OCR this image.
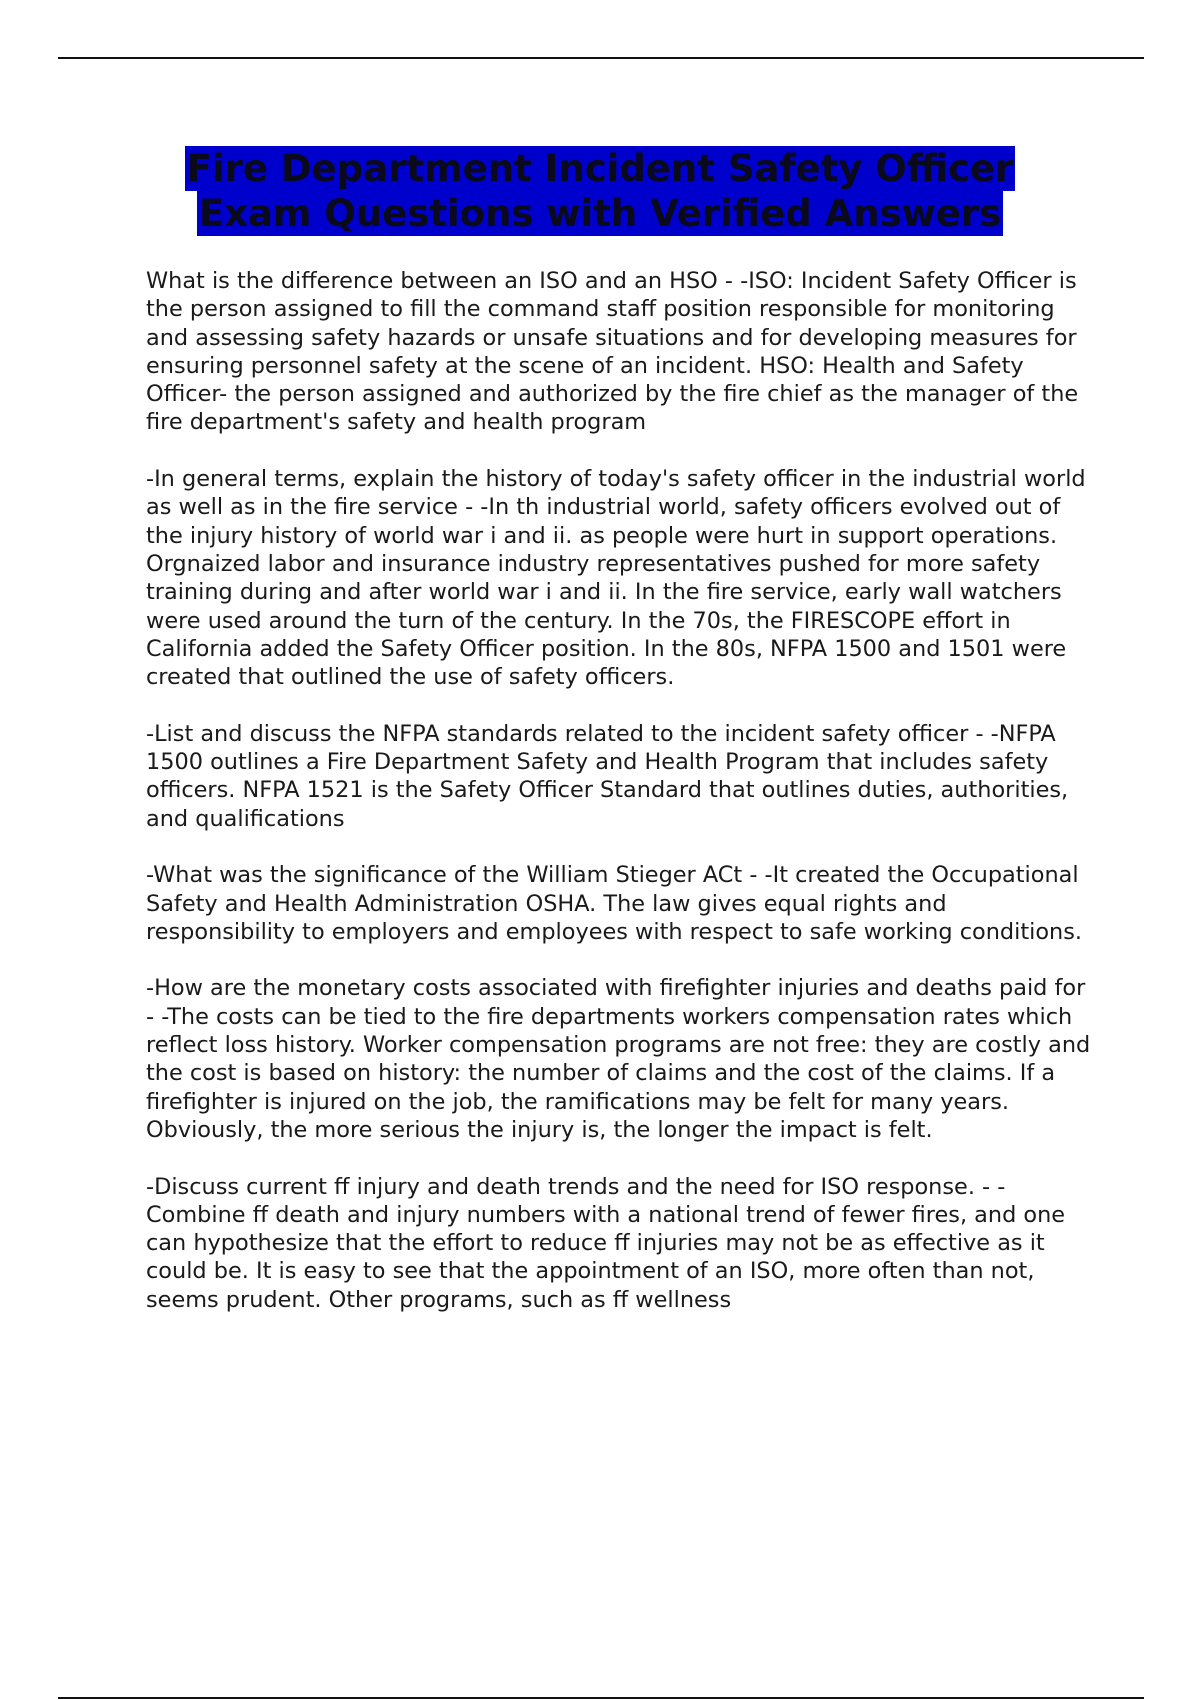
Fire Department Incident Safety Officer
Exam Questions with Verified Answers

What is the difference between an ISO and an HSO - -ISO: Incident Safety Officer is the person assigned to fill the command staff position responsible for monitoring and assessing safety hazards or unsafe situations and for developing measures for ensuring personnel safety at the scene of an incident. HSO: Health and Safety Officer- the person assigned and authorized by the fire chief as the manager of the fire department's safety and health program

-In general terms, explain the history of today's safety officer in the industrial world as well as in the fire service - -In th industrial world, safety officers evolved out of the injury history of world war i and ii. as people were hurt in support operations. Orgnaized labor and insurance industry representatives pushed for more safety training during and after world war i and ii. In the fire service, early wall watchers were used around the turn of the century. In the 70s, the FIRESCOPE effort in California added the Safety Officer position. In the 80s, NFPA 1500 and 1501 were created that outlined the use of safety officers.

-List and discuss the NFPA standards related to the incident safety officer - -NFPA 1500 outlines a Fire Department Safety and Health Program that includes safety officers. NFPA 1521 is the Safety Officer Standard that outlines duties, authorities, and qualifications

-What was the significance of the William Stieger ACt - -It created the Occupational Safety and Health Administration OSHA. The law gives equal rights and responsibility to employers and employees with respect to safe working conditions.

-How are the monetary costs associated with firefighter injuries and deaths paid for - -The costs can be tied to the fire departments workers compensation rates which reflect loss history. Worker compensation programs are not free: they are costly and the cost is based on history: the number of claims and the cost of the claims. If a firefighter is injured on the job, the ramifications may be felt for many years. Obviously, the more serious the injury is, the longer the impact is felt.

-Discuss current ff injury and death trends and the need for ISO response. - -Combine ff death and injury numbers with a national trend of fewer fires, and one can hypothesize that the effort to reduce ff injuries may not be as effective as it could be. It is easy to see that the appointment of an ISO, more often than not, seems prudent. Other programs, such as ff wellness
